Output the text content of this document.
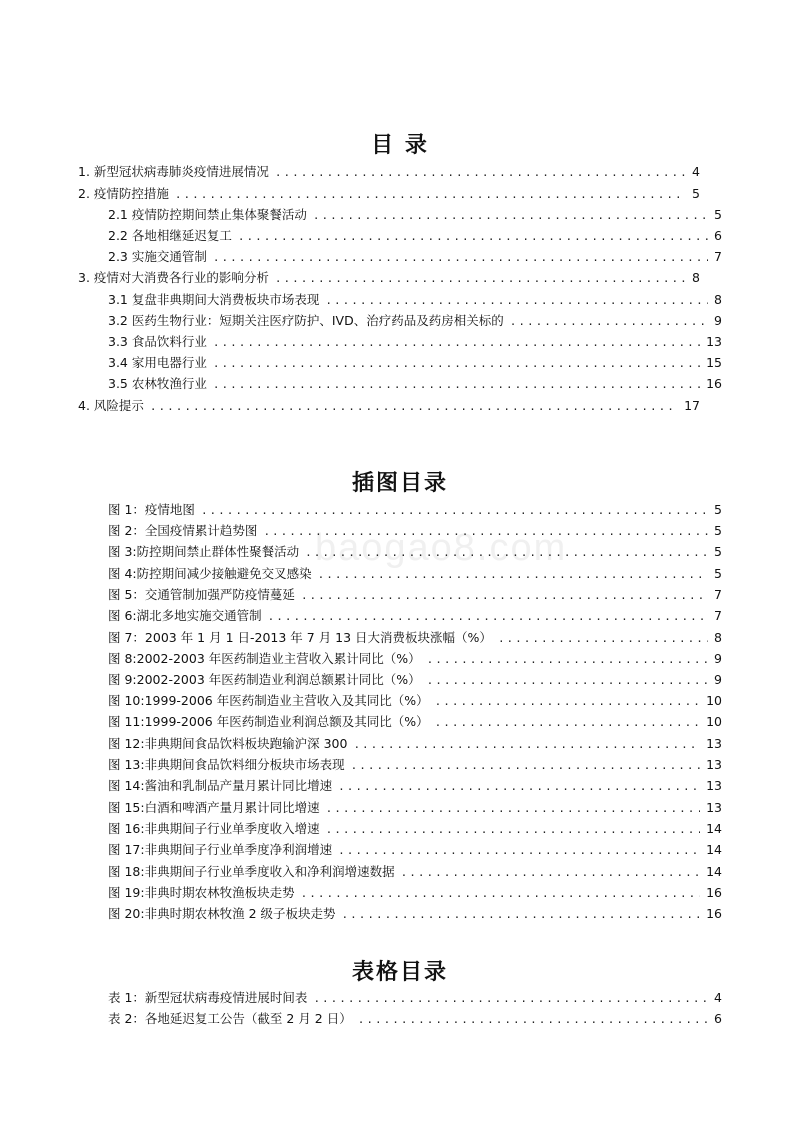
baogao8.com
目 录
1. 新型冠状病毒肺炎疫情进展情况 .....	4
2. 疫情防控措施 .....	5
2.1 疫情防控期间禁止集体聚餐活动 .....	5
2.2 各地相继延迟复工 .....	6
2.3 实施交通管制 .....	7
3. 疫情对大消费各行业的影响分析 .....	8
3.1 复盘非典期间大消费板块市场表现 .....	8
3.2 医药生物行业：短期关注医疗防护、IVD、治疗药品及药房相关标的 .....	9
3.3 食品饮料行业 .....	13
3.4 家用电器行业 .....	15
3.5 农林牧渔行业 .....	16
4. 风险提示 .....	17
插图目录
图 1：疫情地图 .....	5
图 2：全国疫情累计趋势图 .....	5
图 3:防控期间禁止群体性聚餐活动 .....	5
图 4:防控期间减少接触避免交叉感染 .....	5
图 5：交通管制加强严防疫情蔓延 .....	7
图 6:湖北多地实施交通管制 .....	7
图 7：2003 年 1 月 1 日-2013 年 7 月 13 日大消费板块涨幅（%） .....	8
图 8:2002-2003 年医药制造业主营收入累计同比（%） .....	9
图 9:2002-2003 年医药制造业利润总额累计同比（%） .....	9
图 10:1999-2006 年医药制造业主营收入及其同比（%） .....	10
图 11:1999-2006 年医药制造业利润总额及其同比（%） .....	10
图 12:非典期间食品饮料板块跑输沪深 300 .....	13
图 13:非典期间食品饮料细分板块市场表现 .....	13
图 14:酱油和乳制品产量月累计同比增速 .....	13
图 15:白酒和啤酒产量月累计同比增速 .....	13
图 16:非典期间子行业单季度收入增速 .....	14
图 17:非典期间子行业单季度净利润增速 .....	14
图 18:非典期间子行业单季度收入和净利润增速数据 .....	14
图 19:非典时期农林牧渔板块走势 .....	16
图 20:非典时期农林牧渔 2 级子板块走势 .....	16
表格目录
表 1：新型冠状病毒疫情进展时间表 .....	4
表 2：各地延迟复工公告（截至 2 月 2 日） .....	6
